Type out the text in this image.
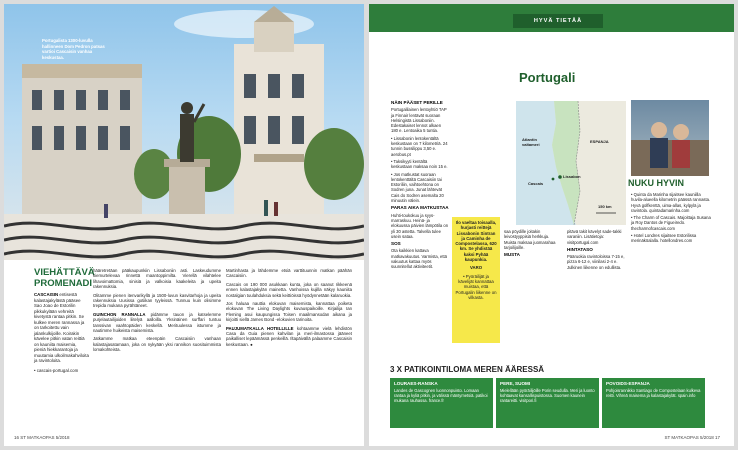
Portugalista 1300-luvulla hallinneen Dom Pedron patsas vartioi Cascaisin vanhaa keskustaa.
VIEHÄTTÄVÄ
PROMENADI
CASCAISIN entisestä kalastajakylästä pääsee Sao Joao de Estorilin pikkukylään vehreitä kivetystä rantaa pitkin. Se kulkee meren rannassa ja on tarkoitettu vain jalankulkijoille. Koirakin kävelee pitkin vatan reittiä on kauniita maisemia, pieniä hiekkarantoja ja muutamia ulkoilmakahviloita ja ravintoloita.
• cascais-portugal.com

hääretretäan pääkaupunkiin Lissaboniin asti. Laskeudumme kiemurtelevaa rinnettä maantoppimilta. Vierellä vilahtelee lihavoimattomia, sinisiä ja valkoisia kaakeleita ja upeita rakennuksia.

Olitamme pienen itenvarikyllä ja 1500-luvun kasvitarhoja ja upeita rakennuksia Uusissa gotiikan tyyleissä. Tunnuu kuin olisimme trepida mukana pyrähtäneet.

GUINCHON RANNALLA pidämme tauon ja katselemme purjelautailijoiden liitelyä aalloilla. Yksinäinen surffari tuntuu tanssivan vaahtopäiden keskellä. Merituulessa istumme ja nautimme huikeista maisemista.

Jatkamme matkaa eteenpäin Cascaisiin vanhaan kalastajasatamaan, joka on nykyään yksi rannikon suosituimmista lomakohteista.

Martinhasta ja lähdemme etsiä varttituunnin matkan päähän Cascaisiin.

Cascais on 190 000 asukkaan kunta, joka on saanut rikkeenä ennen kalastajakylän mainetta. Vanhoissa kujilla näkyy kauniita nostalgian tuulahduksia sekä keittiöissä hyödynnetään kalaruokia.

Jos haluaa nauttia elokuvan maisemista, kannattaa poiketa elokuvan The Living Daylights kuvauspaikoille. Kirjailija Ian Fleming asui kaupungissa Toisen maailmansodan aikana ja kirjoitti siellä James Bond -elokuvien tarinoita.

PAUJUMATKALLA HOTELLILLE kohtaamme vielä lehdistön Casa da Guia pienen kahvilan ja meri-ilmastossa jääneet paikalliset lepäämässä penkeillä. Iltapäivällä palaamme Cascaisin keskustaan. ●

16 ST MATKAOPAS 5/2018
HYVÄ TIETÄÄ
Portugali
NÄIN PÄÄSET PERILLE

Portugalilainen lentoyhtiö TAP ja Finnair lentävät suoraan Helsingistä Lissaboniin. Edestakaiset lennot alkaen 180 e. Lentoaika 5 tuntia.

• Lissabonin lentokentältä keskustaan on 7 kilometriä. 24 tunnin bussilippu 3,50 e. aerobus.pt

• Taksikyyti kentältä keskustaan maksaa noin 15 e.

• Jos matkustat suoraan lentokenttältä Cascaisiin tai Estoriliin, vaihtoehtona on Sodren juna. Junat lähtevät Cais do Sodren asemalta 20 minuutin välein.

PARAS AIKA MATKUSTAA

Huhti-toukokuu ja syys-marraskuu. Heinä- ja elokuussa päivien lämpötila on yli 30 astetta. Talvella tulee usein sataa.

SOS

Ota kaikkien kattava matkavakuutus. Varmista, että vakuutus kattaa myös suunnitellut aktiviteetit.

Ilo vaeltaa toisaalla, hurjasti reittejä Lissabonin Sintran ja Caminha de Compostelassa, 620 km. Se yhdistää kaksi Pyhää kaupunkia.
VARO
• Pyöräilijät ja kävelijät kannattaa muistaa, että Portugalin liikenne on vilkasta.
Atlantin valtameri
ESPANJA
Lissabon
Cascais
150 km

saa pöydille joitakin leivostyyppisiä herkkuja. Muista maksaa juomarahaa tarjoilijoille.

MUSTA

pitävä takit kävelyt sade-takki varaniin. Lisätietoja: visitportugal.com

HINTATASO

Pääruokia ravintoloissa 7-15 e, pizza 6-12 e, viinilasi 2-4 e. Julkinen liikenne on edullista.

NUKU HYVIN

• Quinta da Marinha sijaitsee kauniilla huvila-alueella kilometrin päässä rannasta. Hyvä golfkenttä, uima-allas, kylpylä ja ravintola. quintadamarinha.com

• The Charm of Cascais. Majoittaja Susana ja Roy Dantos de Figueiredo. thecharmofcascais.com

• Hotel Londres sijaitsee Estorilissa merinäköalalla. hotellondres.com

3 X PATIKOINTILOMA MEREN ÄÄRESSÄ
LOURAES-RANSKA
Landes de Gascognen luonnonpuisto. Lomaan rantaa ja kyliä pitkin, ja välissä mäntymetsiä. patikoi mukana rauhassa. france.fr
PERE, SUOMI
Mielellään pyöräilijöille Porin seudulla. Meri ja luonto kohtaavat kansallispuistossa. Suomen kaunein rantareitti. visitpori.fi
POVOIDS-ESPANJA
Pohjoisrannikko Santiago de Compostelaan kulkeva reitti. Vihreä maisema ja kalastajakylät. spain.info
ST MATKAOPAS 5/2018 17
